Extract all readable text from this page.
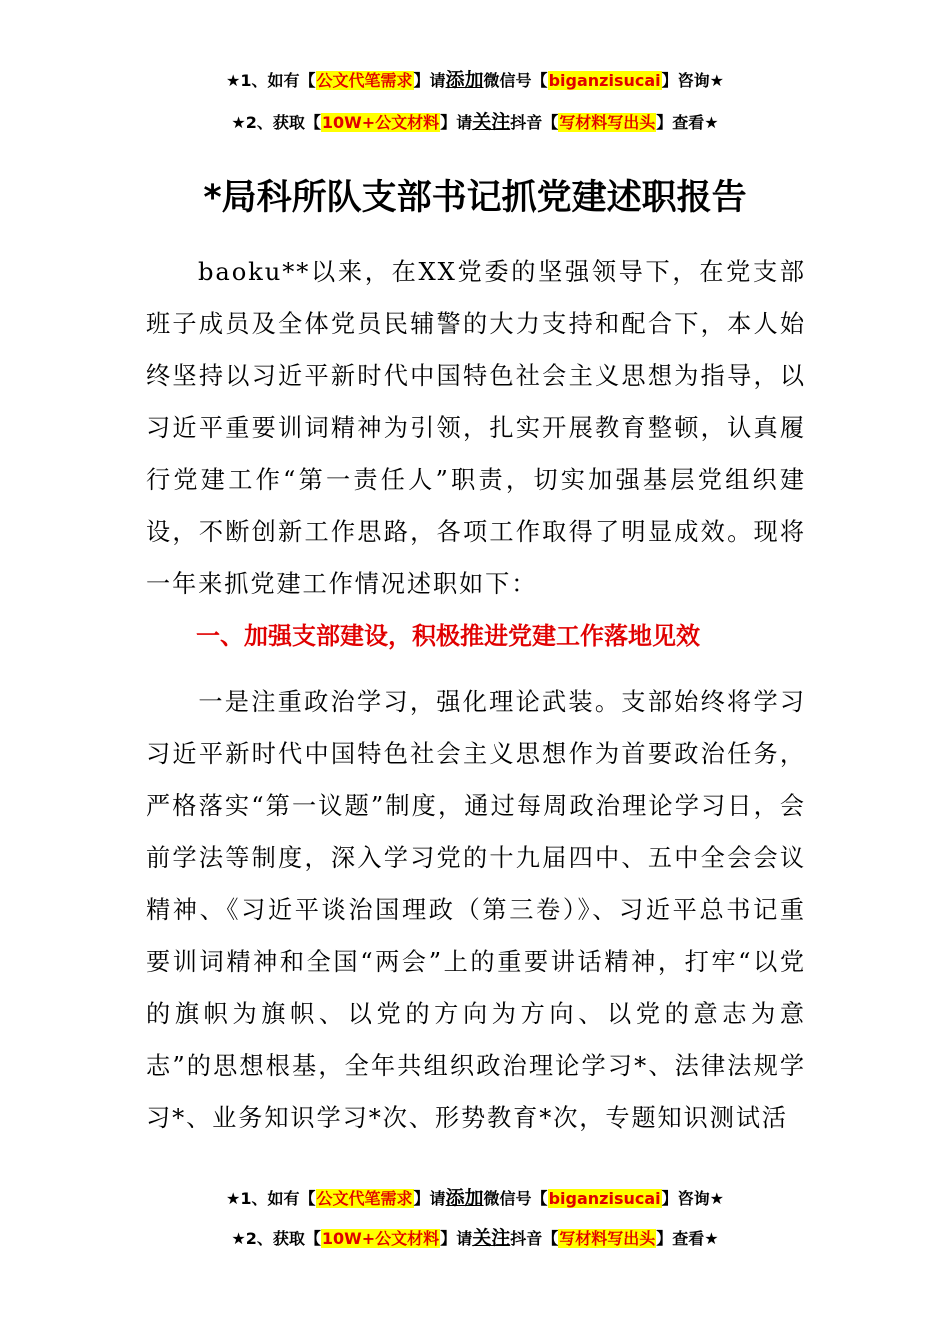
★1、如有【公文代笔需求】请添加微信号【biganzisucai】咨询★
★2、获取【10W+公文材料】请关注抖音【写材料写出头】查看★
*局科所队支部书记抓党建述职报告

baoku**以来，在XX党委的坚强领导下，在党支部班子成员及全体党员民辅警的大力支持和配合下，本人始终坚持以习近平新时代中国特色社会主义思想为指导，以习近平重要训词精神为引领，扎实开展教育整顿，认真履行党建工作“第一责任人”职责，切实加强基层党组织建设，不断创新工作思路，各项工作取得了明显成效。现将一年来抓党建工作情况述职如下：

一、加强支部建设，积极推进党建工作落地见效

一是注重政治学习，强化理论武装。支部始终将学习习近平新时代中国特色社会主义思想作为首要政治任务，严格落实“第一议题”制度，通过每周政治理论学习日，会前学法等制度，深入学习党的十九届四中、五中全会会议精神、《习近平谈治国理政（第三卷）》、习近平总书记重要训词精神和全国“两会”上的重要讲话精神，打牢“以党的旗帜为旗帜、以党的方向为方向、以党的意志为意志”的思想根基，全年共组织政治理论学习*、法律法规学习*、业务知识学习*次、形势教育*次，专题知识测试活

★1、如有【公文代笔需求】请添加微信号【biganzisucai】咨询★
★2、获取【10W+公文材料】请关注抖音【写材料写出头】查看★
